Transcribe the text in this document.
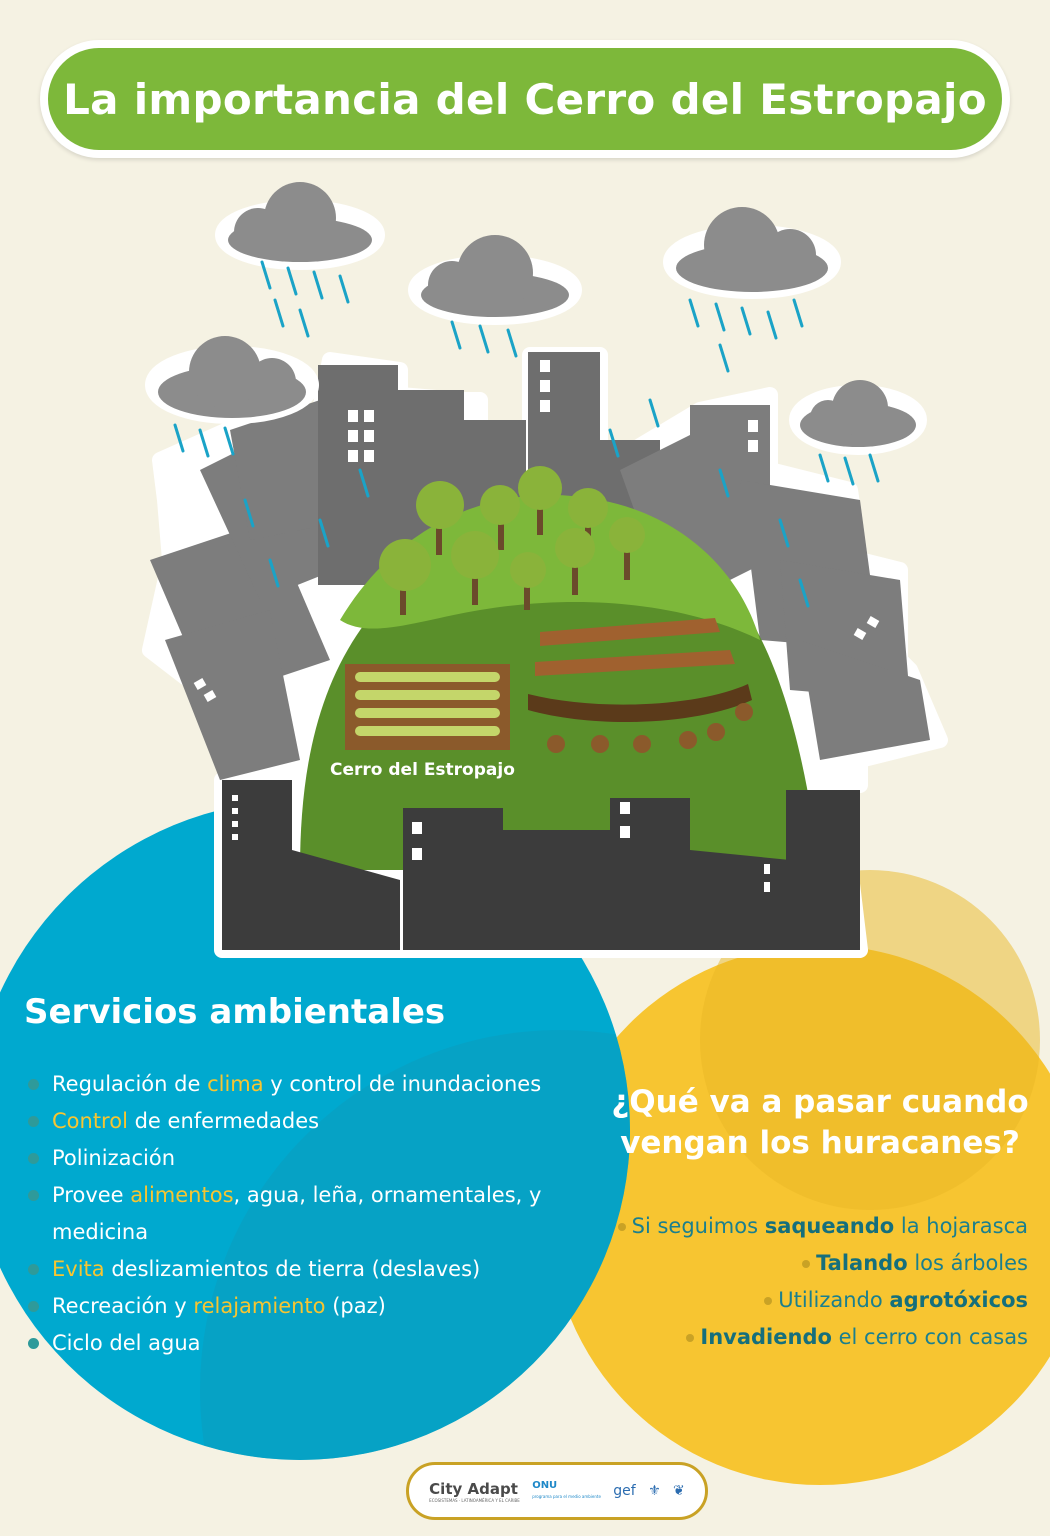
La importancia del Cerro del Estropajo
Cerro del Estropajo
Servicios ambientales
Regulación de clima y control de inundaciones
Control de enfermedades
Polinización
Provee alimentos, agua, leña, ornamentales, y medicina
Evita deslizamientos de tierra (deslaves)
Recreación y relajamiento (paz)
Ciclo del agua
¿Qué va a pasar cuando vengan los huracanes?
Si seguimos saqueando la hojarasca
Talando los árboles
Utilizando agrotóxicos
Invadiendo el cerro con casas
City Adapt
ECOSISTEMAS · LATINOAMÉRICA Y EL CARIBE
ONU
programa para el medio ambiente gef ⚜ ❦
